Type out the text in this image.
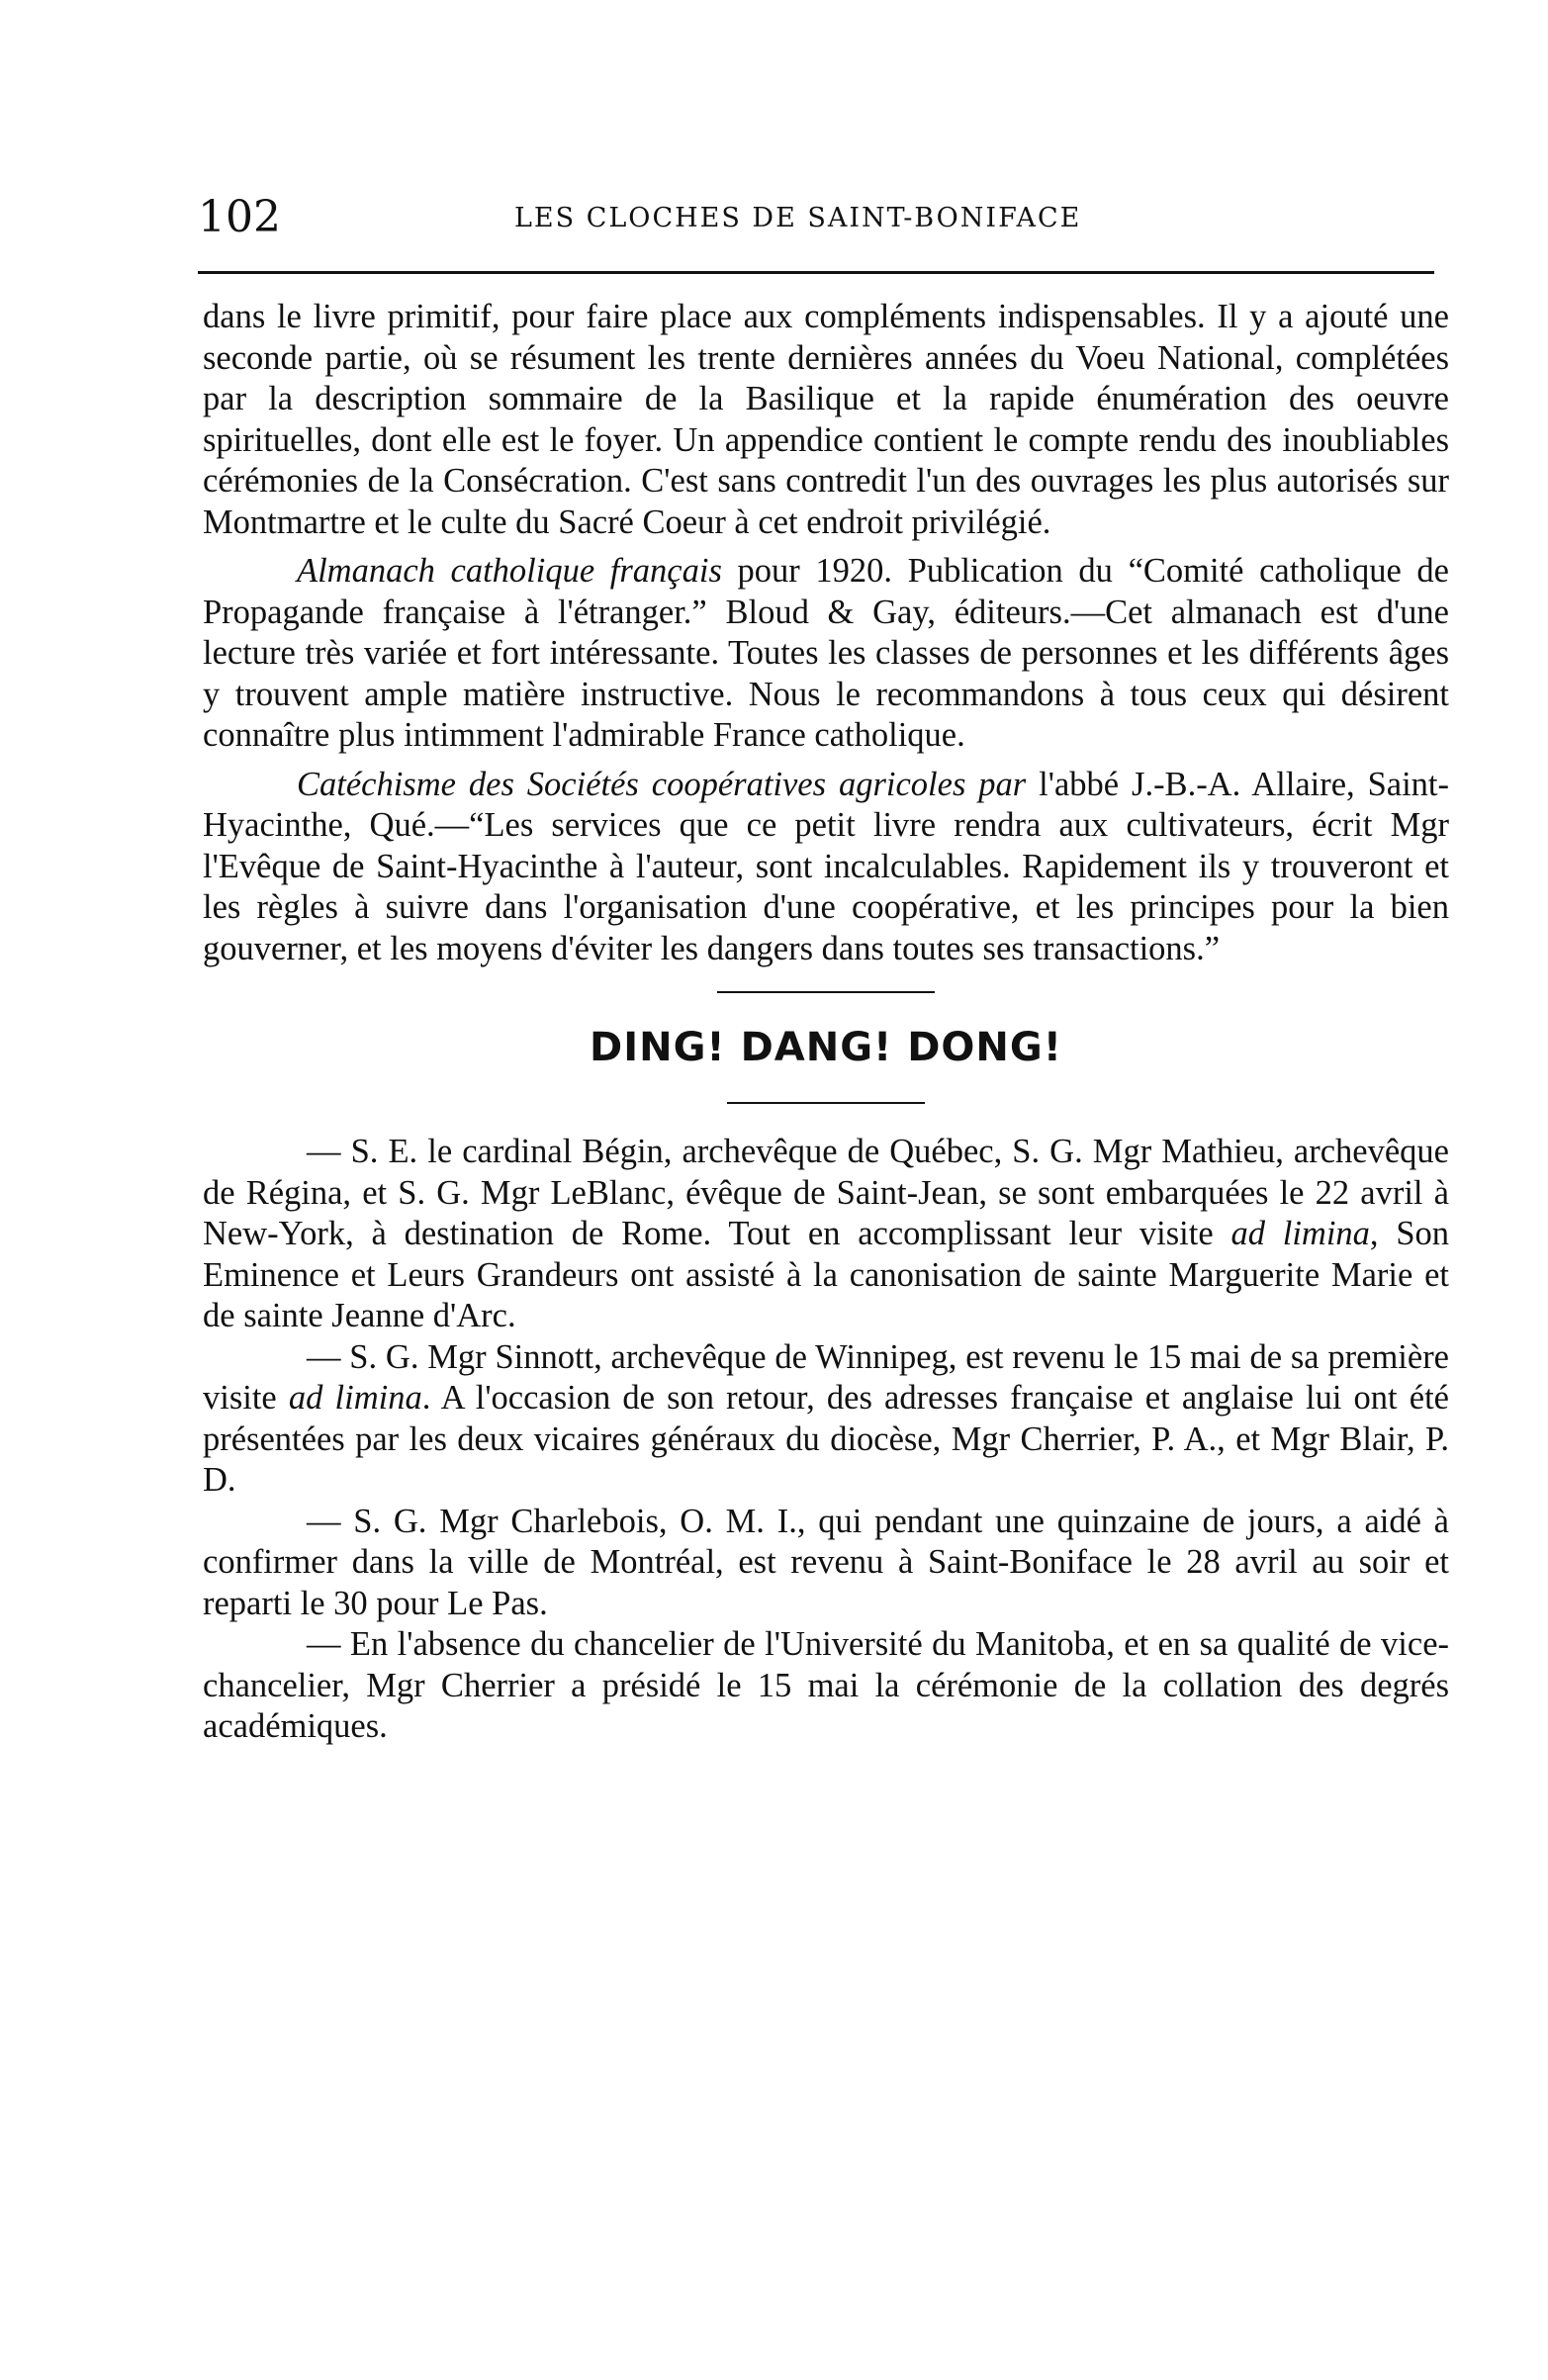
102	LES CLOCHES DE SAINT-BONIFACE

dans le livre primitif, pour faire place aux compléments indispensables. Il y a ajouté une seconde partie, où se résument les trente dernières années du Voeu National, complétées par la description sommaire de la Basilique et la rapide énumération des oeuvre spirituelles, dont elle est le foyer. Un appendice contient le compte rendu des inoubliables cérémonies de la Consécration. C'est sans contredit l'un des ouvrages les plus autorisés sur Montmartre et le culte du Sacré Coeur à cet endroit privilégié.

Almanach catholique français pour 1920. Publication du “Comité catholique de Propagande française à l'étranger.” Bloud & Gay, éditeurs.—Cet almanach est d'une lecture très variée et fort intéressante. Toutes les classes de personnes et les différents âges y trouvent ample matière instructive. Nous le recommandons à tous ceux qui désirent connaître plus intimment l'admirable France catholique.

Catéchisme des Sociétés coopératives agricoles par l'abbé J.-B.-A. Allaire, Saint-Hyacinthe, Qué.—“Les services que ce petit livre rendra aux cultivateurs, écrit Mgr l'Evêque de Saint-Hyacinthe à l'auteur, sont incalculables. Rapidement ils y trouveront et les règles à suivre dans l'organisation d'une coopérative, et les principes pour la bien gouverner, et les moyens d'éviter les dangers dans toutes ses transactions.”

DING! DANG! DONG!

— S. E. le cardinal Bégin, archevêque de Québec, S. G. Mgr Mathieu, archevêque de Régina, et S. G. Mgr LeBlanc, évêque de Saint-Jean, se sont embarquées le 22 avril à New-York, à destination de Rome. Tout en accomplissant leur visite ad limina, Son Eminence et Leurs Grandeurs ont assisté à la canonisation de sainte Marguerite Marie et de sainte Jeanne d'Arc.

— S. G. Mgr Sinnott, archevêque de Winnipeg, est revenu le 15 mai de sa première visite ad limina. A l'occasion de son retour, des adresses française et anglaise lui ont été présentées par les deux vicaires généraux du diocèse, Mgr Cherrier, P. A., et Mgr Blair, P. D.

— S. G. Mgr Charlebois, O. M. I., qui pendant une quinzaine de jours, a aidé à confirmer dans la ville de Montréal, est revenu à Saint-Boniface le 28 avril au soir et reparti le 30 pour Le Pas.

— En l'absence du chancelier de l'Université du Manitoba, et en sa qualité de vice-chancelier, Mgr Cherrier a présidé le 15 mai la cérémonie de la collation des degrés académiques.
